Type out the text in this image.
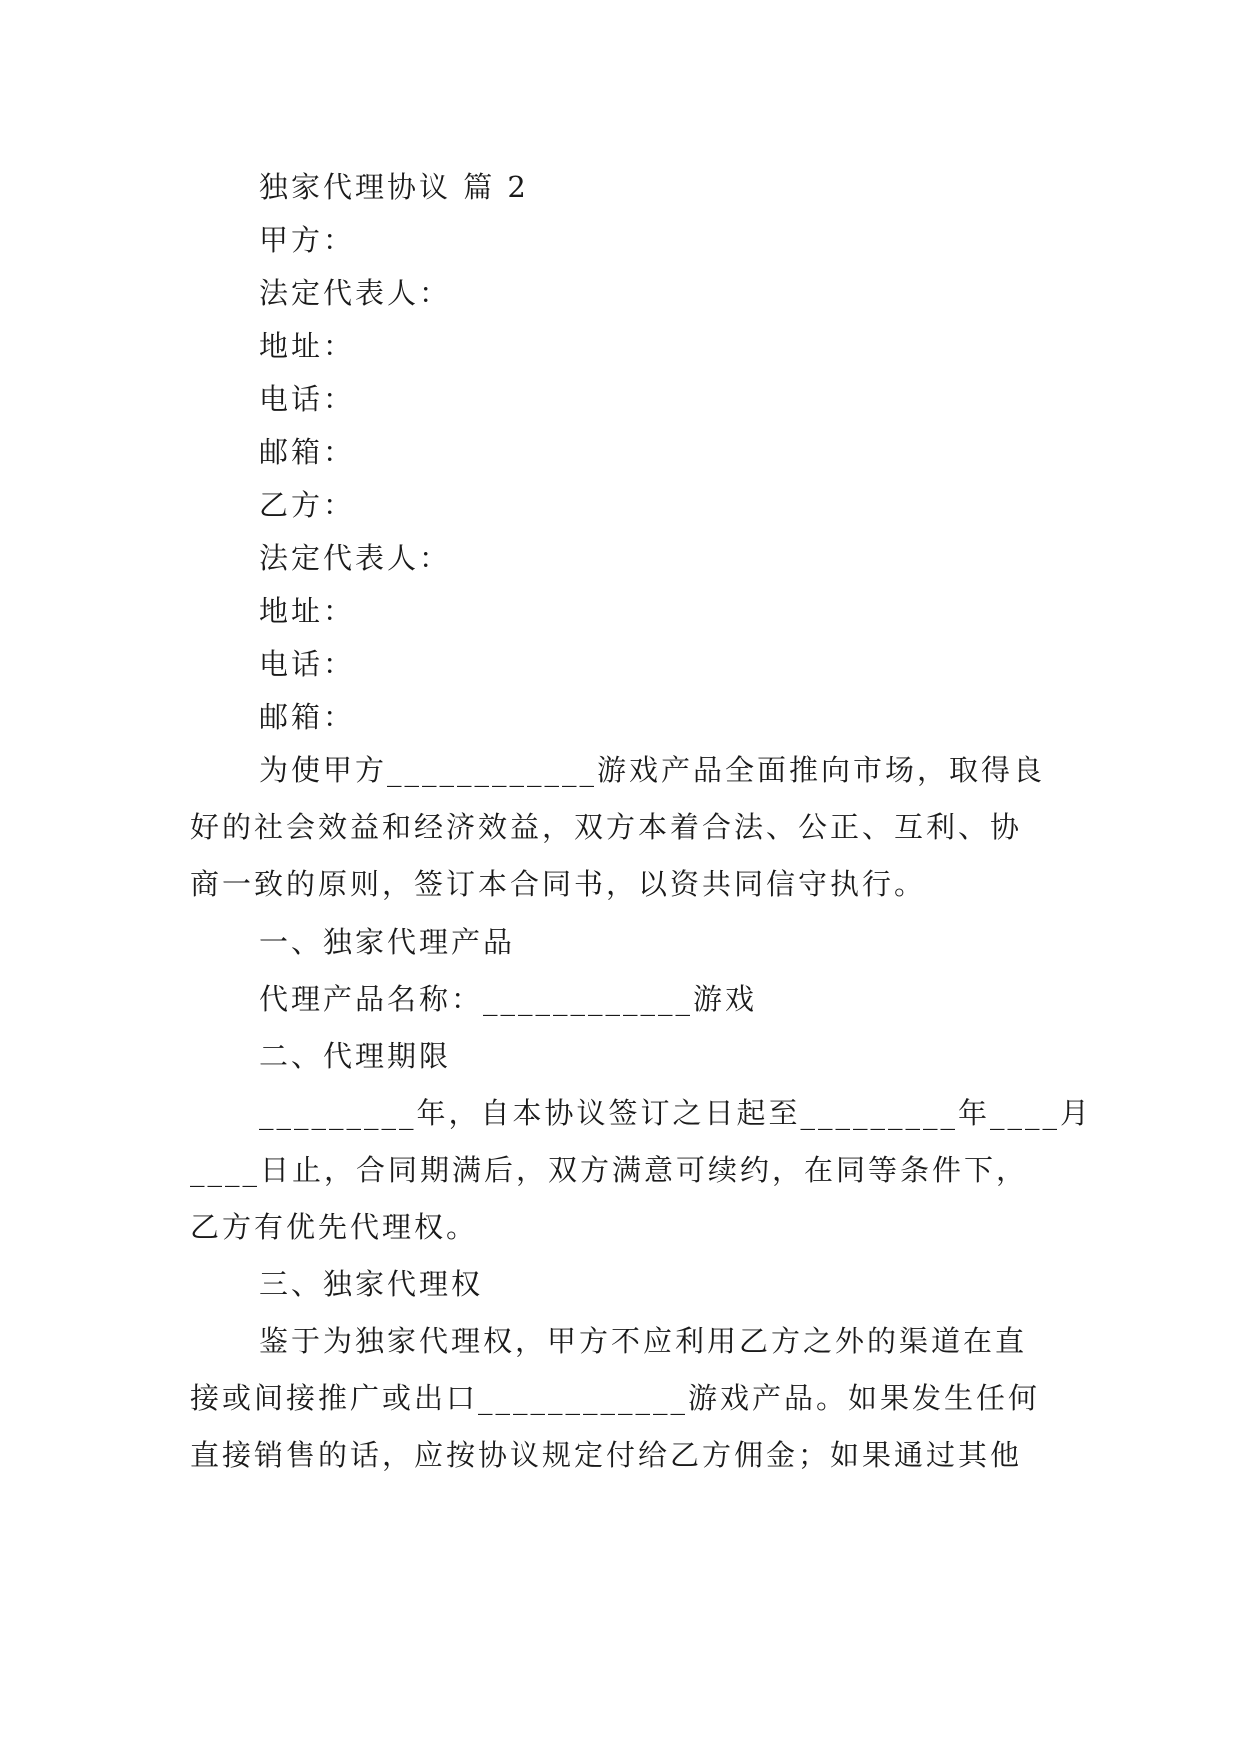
独家代理协议 篇 2
甲方：
法定代表人：
地址：
电话：
邮箱：
乙方：
法定代表人：
地址：
电话：
邮箱：
为使甲方____________游戏产品全面推向市场，取得良
好的社会效益和经济效益，双方本着合法、公正、互利、协
商一致的原则，签订本合同书，以资共同信守执行。
一、独家代理产品
代理产品名称：____________游戏
二、代理期限
_________年，自本协议签订之日起至_________年____月
____日止，合同期满后，双方满意可续约，在同等条件下，
乙方有优先代理权。
三、独家代理权
鉴于为独家代理权，甲方不应利用乙方之外的渠道在直
接或间接推广或出口____________游戏产品。如果发生任何
直接销售的话，应按协议规定付给乙方佣金；如果通过其他
